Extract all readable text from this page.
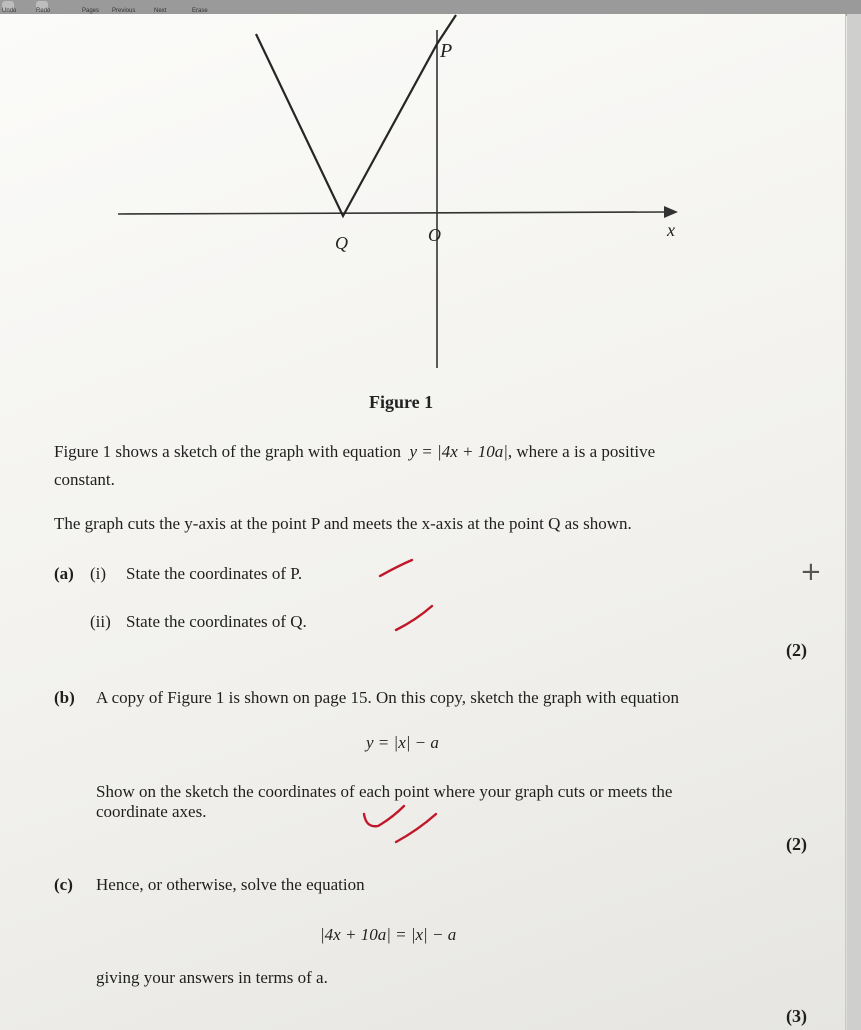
Undo	Redo	Pages Previous	Next	Erase
P
Q	O	x
Figure 1
Figure 1 shows a sketch of the graph with equation y = |4x + 10a|, where a is a positive
constant.
The graph cuts the y-axis at the point P and meets the x-axis at the point Q as shown.
(a) (i) State the coordinates of P.
(ii) State the coordinates of Q.
(2)
+
(b) A copy of Figure 1 is shown on page 15. On this copy, sketch the graph with equation
y = |x| − a
Show on the sketch the coordinates of each point where your graph cuts or meets the
coordinate axes.
(2)
(c) Hence, or otherwise, solve the equation
|4x + 10a| = |x| − a
giving your answers in terms of a.
(3)
